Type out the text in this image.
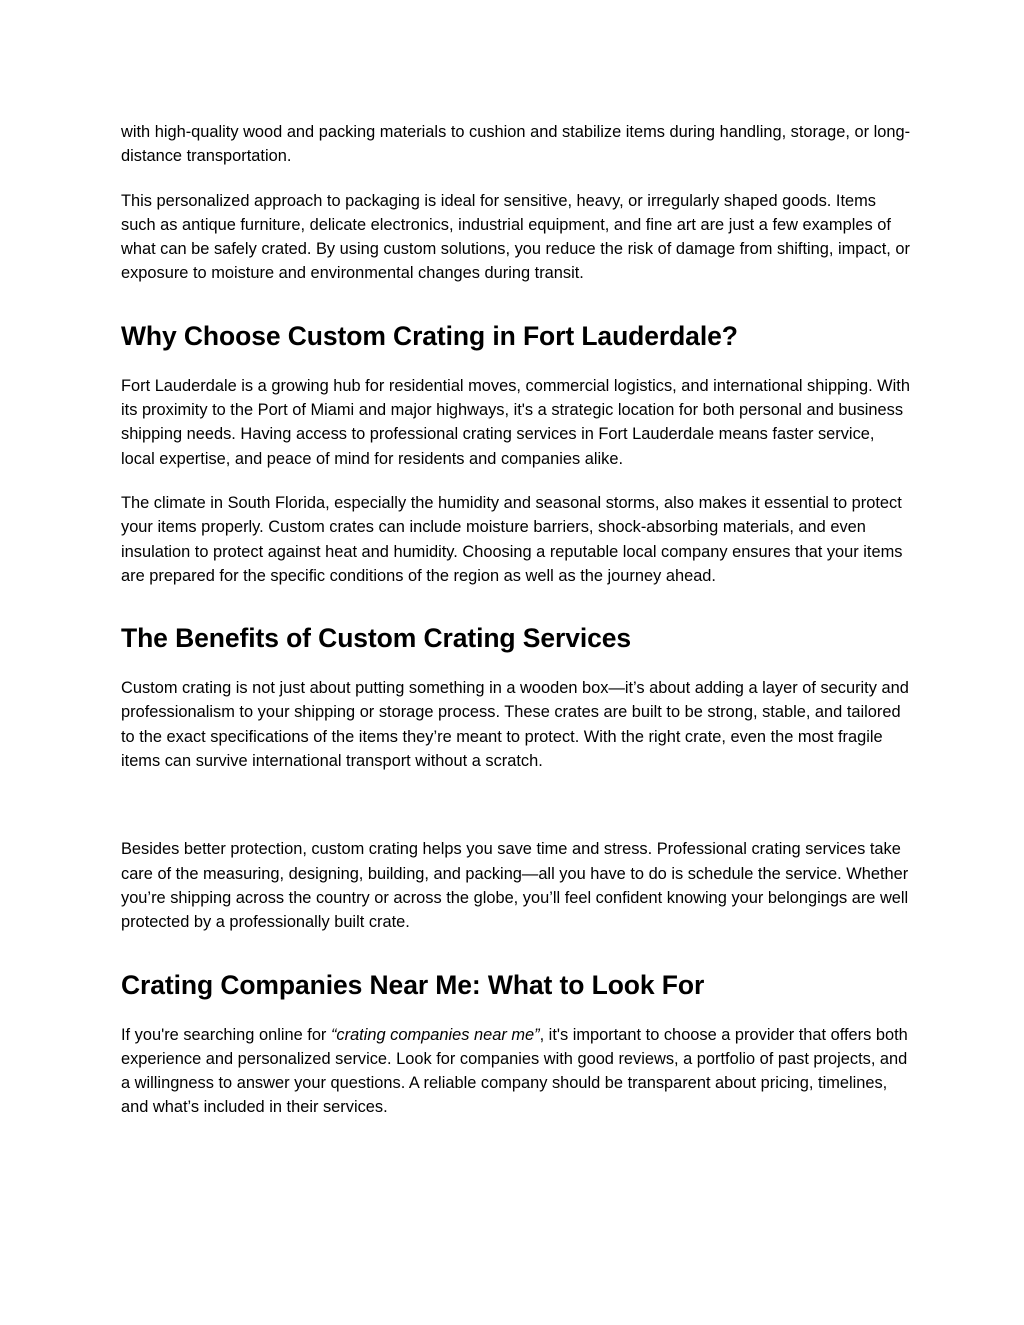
with high-quality wood and packing materials to cushion and stabilize items during handling, storage, or long-distance transportation.

This personalized approach to packaging is ideal for sensitive, heavy, or irregularly shaped goods. Items such as antique furniture, delicate electronics, industrial equipment, and fine art are just a few examples of what can be safely crated. By using custom solutions, you reduce the risk of damage from shifting, impact, or exposure to moisture and environmental changes during transit.

Why Choose Custom Crating in Fort Lauderdale?

Fort Lauderdale is a growing hub for residential moves, commercial logistics, and international shipping. With its proximity to the Port of Miami and major highways, it's a strategic location for both personal and business shipping needs. Having access to professional crating services in Fort Lauderdale means faster service, local expertise, and peace of mind for residents and companies alike.

The climate in South Florida, especially the humidity and seasonal storms, also makes it essential to protect your items properly. Custom crates can include moisture barriers, shock-absorbing materials, and even insulation to protect against heat and humidity. Choosing a reputable local company ensures that your items are prepared for the specific conditions of the region as well as the journey ahead.

The Benefits of Custom Crating Services

Custom crating is not just about putting something in a wooden box—it’s about adding a layer of security and professionalism to your shipping or storage process. These crates are built to be strong, stable, and tailored to the exact specifications of the items they’re meant to protect. With the right crate, even the most fragile items can survive international transport without a scratch.

Besides better protection, custom crating helps you save time and stress. Professional crating services take care of the measuring, designing, building, and packing—all you have to do is schedule the service. Whether you’re shipping across the country or across the globe, you’ll feel confident knowing your belongings are well protected by a professionally built crate.

Crating Companies Near Me: What to Look For

If you're searching online for “crating companies near me”, it's important to choose a provider that offers both experience and personalized service. Look for companies with good reviews, a portfolio of past projects, and a willingness to answer your questions. A reliable company should be transparent about pricing, timelines, and what’s included in their services.
